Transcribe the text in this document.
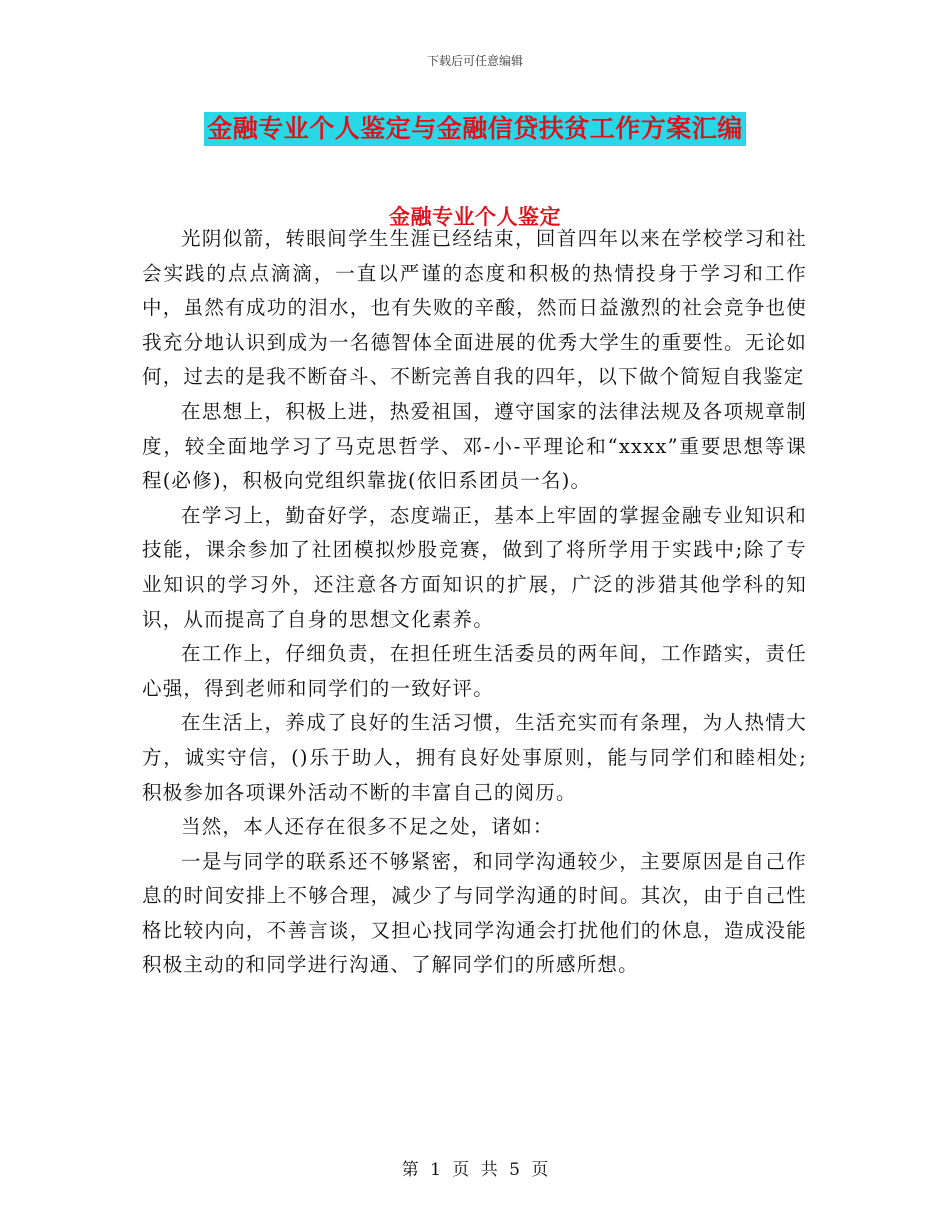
下载后可任意编辑
金融专业个人鉴定与金融信贷扶贫工作方案汇编
金融专业个人鉴定

光阴似箭，转眼间学生生涯已经结束，回首四年以来在学校学习和社会实践的点点滴滴，一直以严谨的态度和积极的热情投身于学习和工作中，虽然有成功的泪水，也有失败的辛酸，然而日益激烈的社会竞争也使我充分地认识到成为一名德智体全面进展的优秀大学生的重要性。无论如何，过去的是我不断奋斗、不断完善自我的四年，以下做个简短自我鉴定

在思想上，积极上进，热爱祖国，遵守国家的法律法规及各项规章制度，较全面地学习了马克思哲学、邓-小-平理论和“xxxx”重要思想等课程(必修)，积极向党组织靠拢(依旧系团员一名)。

在学习上，勤奋好学，态度端正，基本上牢固的掌握金融专业知识和技能，课余参加了社团模拟炒股竞赛，做到了将所学用于实践中;除了专业知识的学习外，还注意各方面知识的扩展，广泛的涉猎其他学科的知识，从而提高了自身的思想文化素养。

在工作上，仔细负责，在担任班生活委员的两年间，工作踏实，责任心强，得到老师和同学们的一致好评。

在生活上，养成了良好的生活习惯，生活充实而有条理，为人热情大方，诚实守信，()乐于助人，拥有良好处事原则，能与同学们和睦相处;积极参加各项课外活动不断的丰富自己的阅历。

当然，本人还存在很多不足之处，诸如：

一是与同学的联系还不够紧密，和同学沟通较少，主要原因是自己作息的时间安排上不够合理，减少了与同学沟通的时间。其次，由于自己性格比较内向，不善言谈，又担心找同学沟通会打扰他们的休息，造成没能积极主动的和同学进行沟通、了解同学们的所感所想。

第 1 页 共 5 页
